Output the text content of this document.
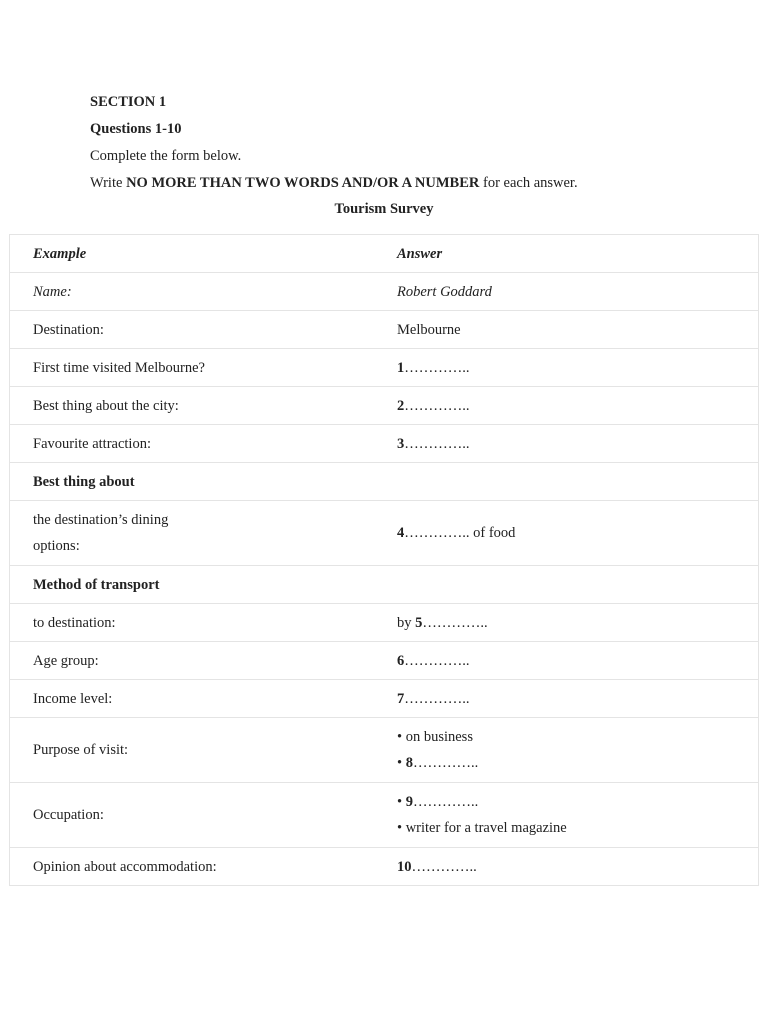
SECTION 1
Questions 1-10
Complete the form below.
Write NO MORE THAN TWO WORDS AND/OR A NUMBER for each answer.
Tourism Survey
Example	Answer
Name:	Robert Goddard
Destination:	Melbourne
First time visited Melbourne?	1…………..
Best thing about the city:	2…………..
Favourite attraction:	3…………..
Best thing about	

the destination’s dining
options:	4………….. of food
Method of transport	
to destination:	by 5…………..
Age group:	6…………..
Income level:	7…………..
Purpose of visit:	• on business
• 8…………..

Occupation:	• 9…………..
• writer for a travel magazine

Opinion about accommodation:	10…………..
